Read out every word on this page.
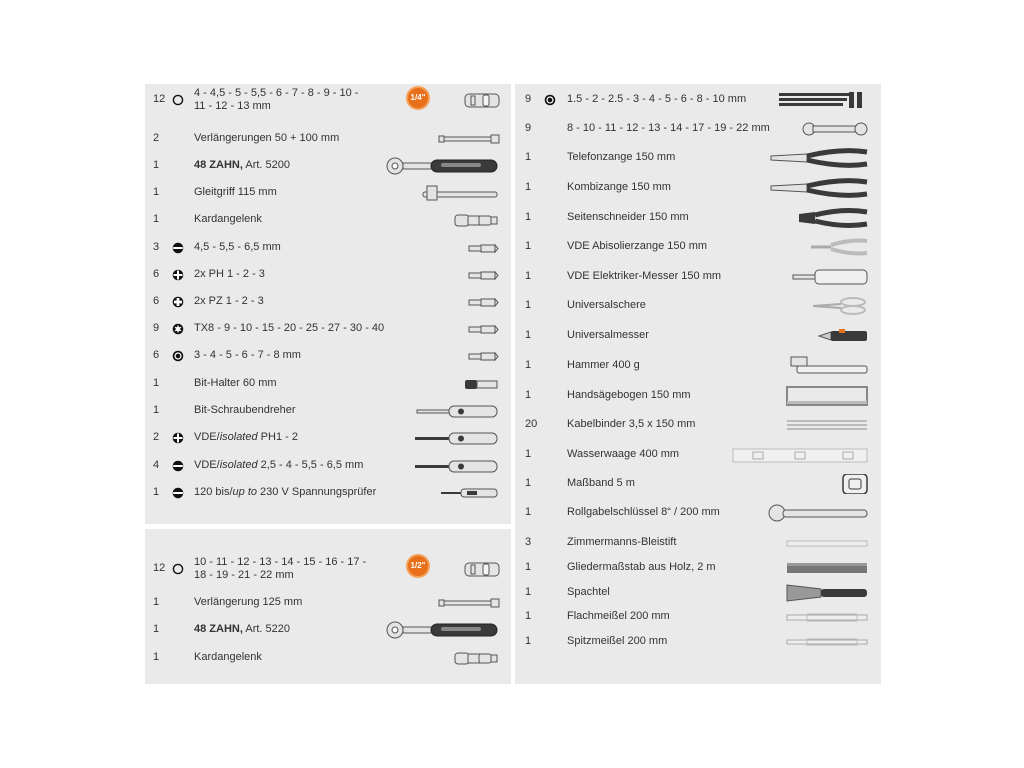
12	4 - 4,5 - 5 - 5,5 - 6 - 7 - 8 - 9 - 10 -
11 - 12 - 13 mm
2	Verlängerungen 50 + 100 mm
1	48 ZAHN, Art. 5200
1	Gleitgriff 115 mm
1	Kardangelenk
3	4,5 - 5,5 - 6,5 mm
6	2x PH 1 - 2 - 3
6	2x PZ 1 - 2 - 3
9	TX8 - 9 - 10 - 15 - 20 - 25 - 27 - 30 - 40
6	3 - 4 - 5 - 6 - 7 - 8 mm
1	Bit-Halter 60 mm
1	Bit-Schraubendreher
2	VDE/isolated PH1 - 2
4	VDE/isolated 2,5 - 4 - 5,5 - 6,5 mm
1	120 bis/up to 230 V Spannungsprüfer
1/4"
12	10 - 11 - 12 - 13 - 14 - 15 - 16 - 17 -
18 - 19 - 21 - 22 mm
1	Verlängerung 125 mm
1	48 ZAHN, Art. 5220
1	Kardangelenk
1/2"
9	1.5 - 2 - 2.5 - 3 - 4 - 5 - 6 - 8 - 10 mm
9	8 - 10 - 11 - 12 - 13 - 14 - 17 - 19 - 22 mm
1	Telefonzange 150 mm
1	Kombizange 150 mm
1	Seitenschneider 150 mm
1	VDE Abisolierzange 150 mm
1	VDE Elektriker-Messer 150 mm
1	Universalschere
1	Universalmesser
1	Hammer 400 g
1	Handsägebogen 150 mm
20	Kabelbinder 3,5 x 150 mm
1	Wasserwaage 400 mm
1	Maßband 5 m
1	Rollgabelschlüssel 8“ / 200 mm
3	Zimmermanns-Bleistift
1	Gliedermaßstab aus Holz, 2 m
1	Spachtel
1	Flachmeißel 200 mm
1	Spitzmeißel 200 mm
